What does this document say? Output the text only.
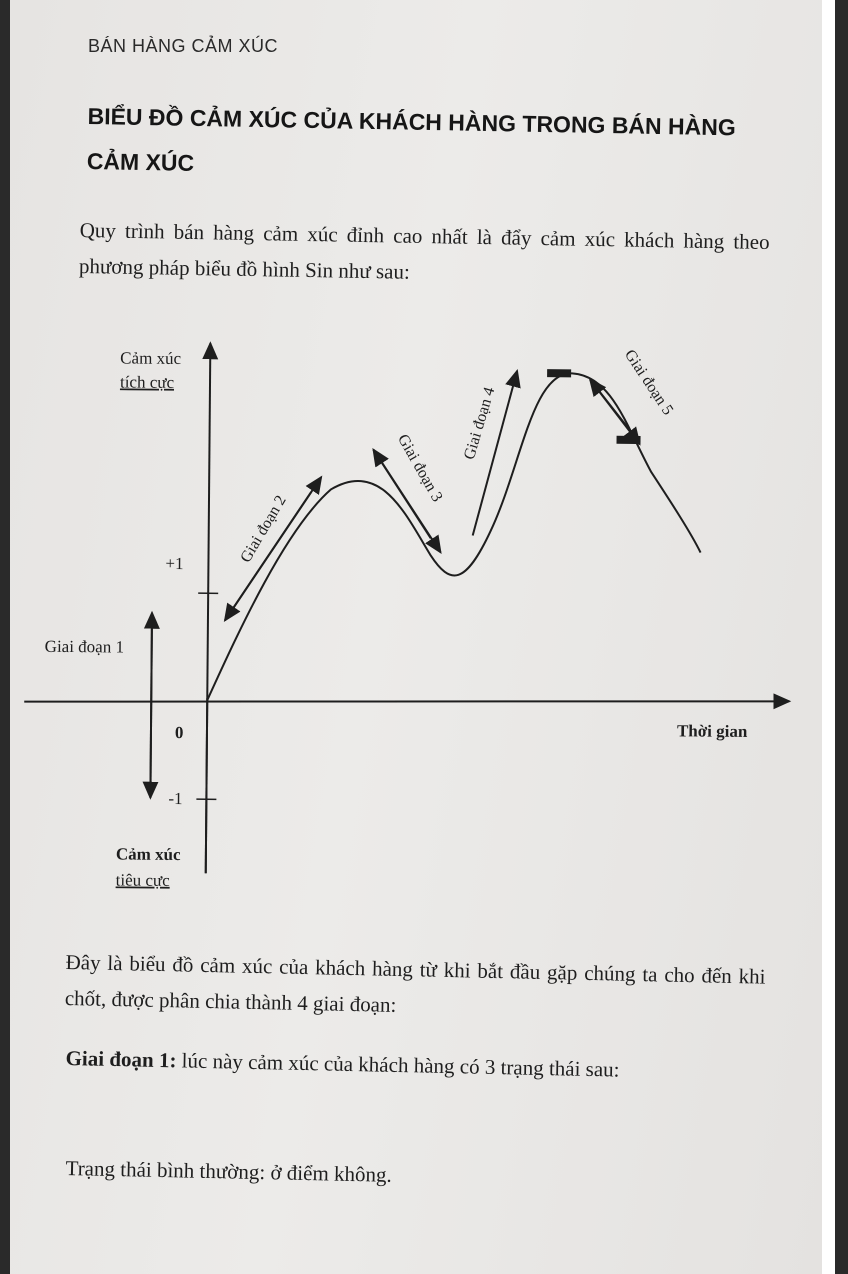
BÁN HÀNG CẢM XÚC
BIỂU ĐỒ CẢM XÚC CỦA KHÁCH HÀNG TRONG BÁN HÀNG CẢM XÚC

Quy trình bán hàng cảm xúc đỉnh cao nhất là đẩy cảm xúc khách hàng theo phương pháp biểu đồ hình Sin như sau:

Cảm xúc
tích cực
Cảm xúc
tiêu cực
Thời gian
+1
0
-1
Giai đoạn 1
Giai đoạn 2
Giai đoạn 3
Giai đoạn 4
Giai đoạn 5

Đây là biểu đồ cảm xúc của khách hàng từ khi bắt đầu gặp chúng ta cho đến khi chốt, được phân chia thành 4 giai đoạn:

Giai đoạn 1: lúc này cảm xúc của khách hàng có 3 trạng thái sau:

Trạng thái bình thường: ở điểm không.
